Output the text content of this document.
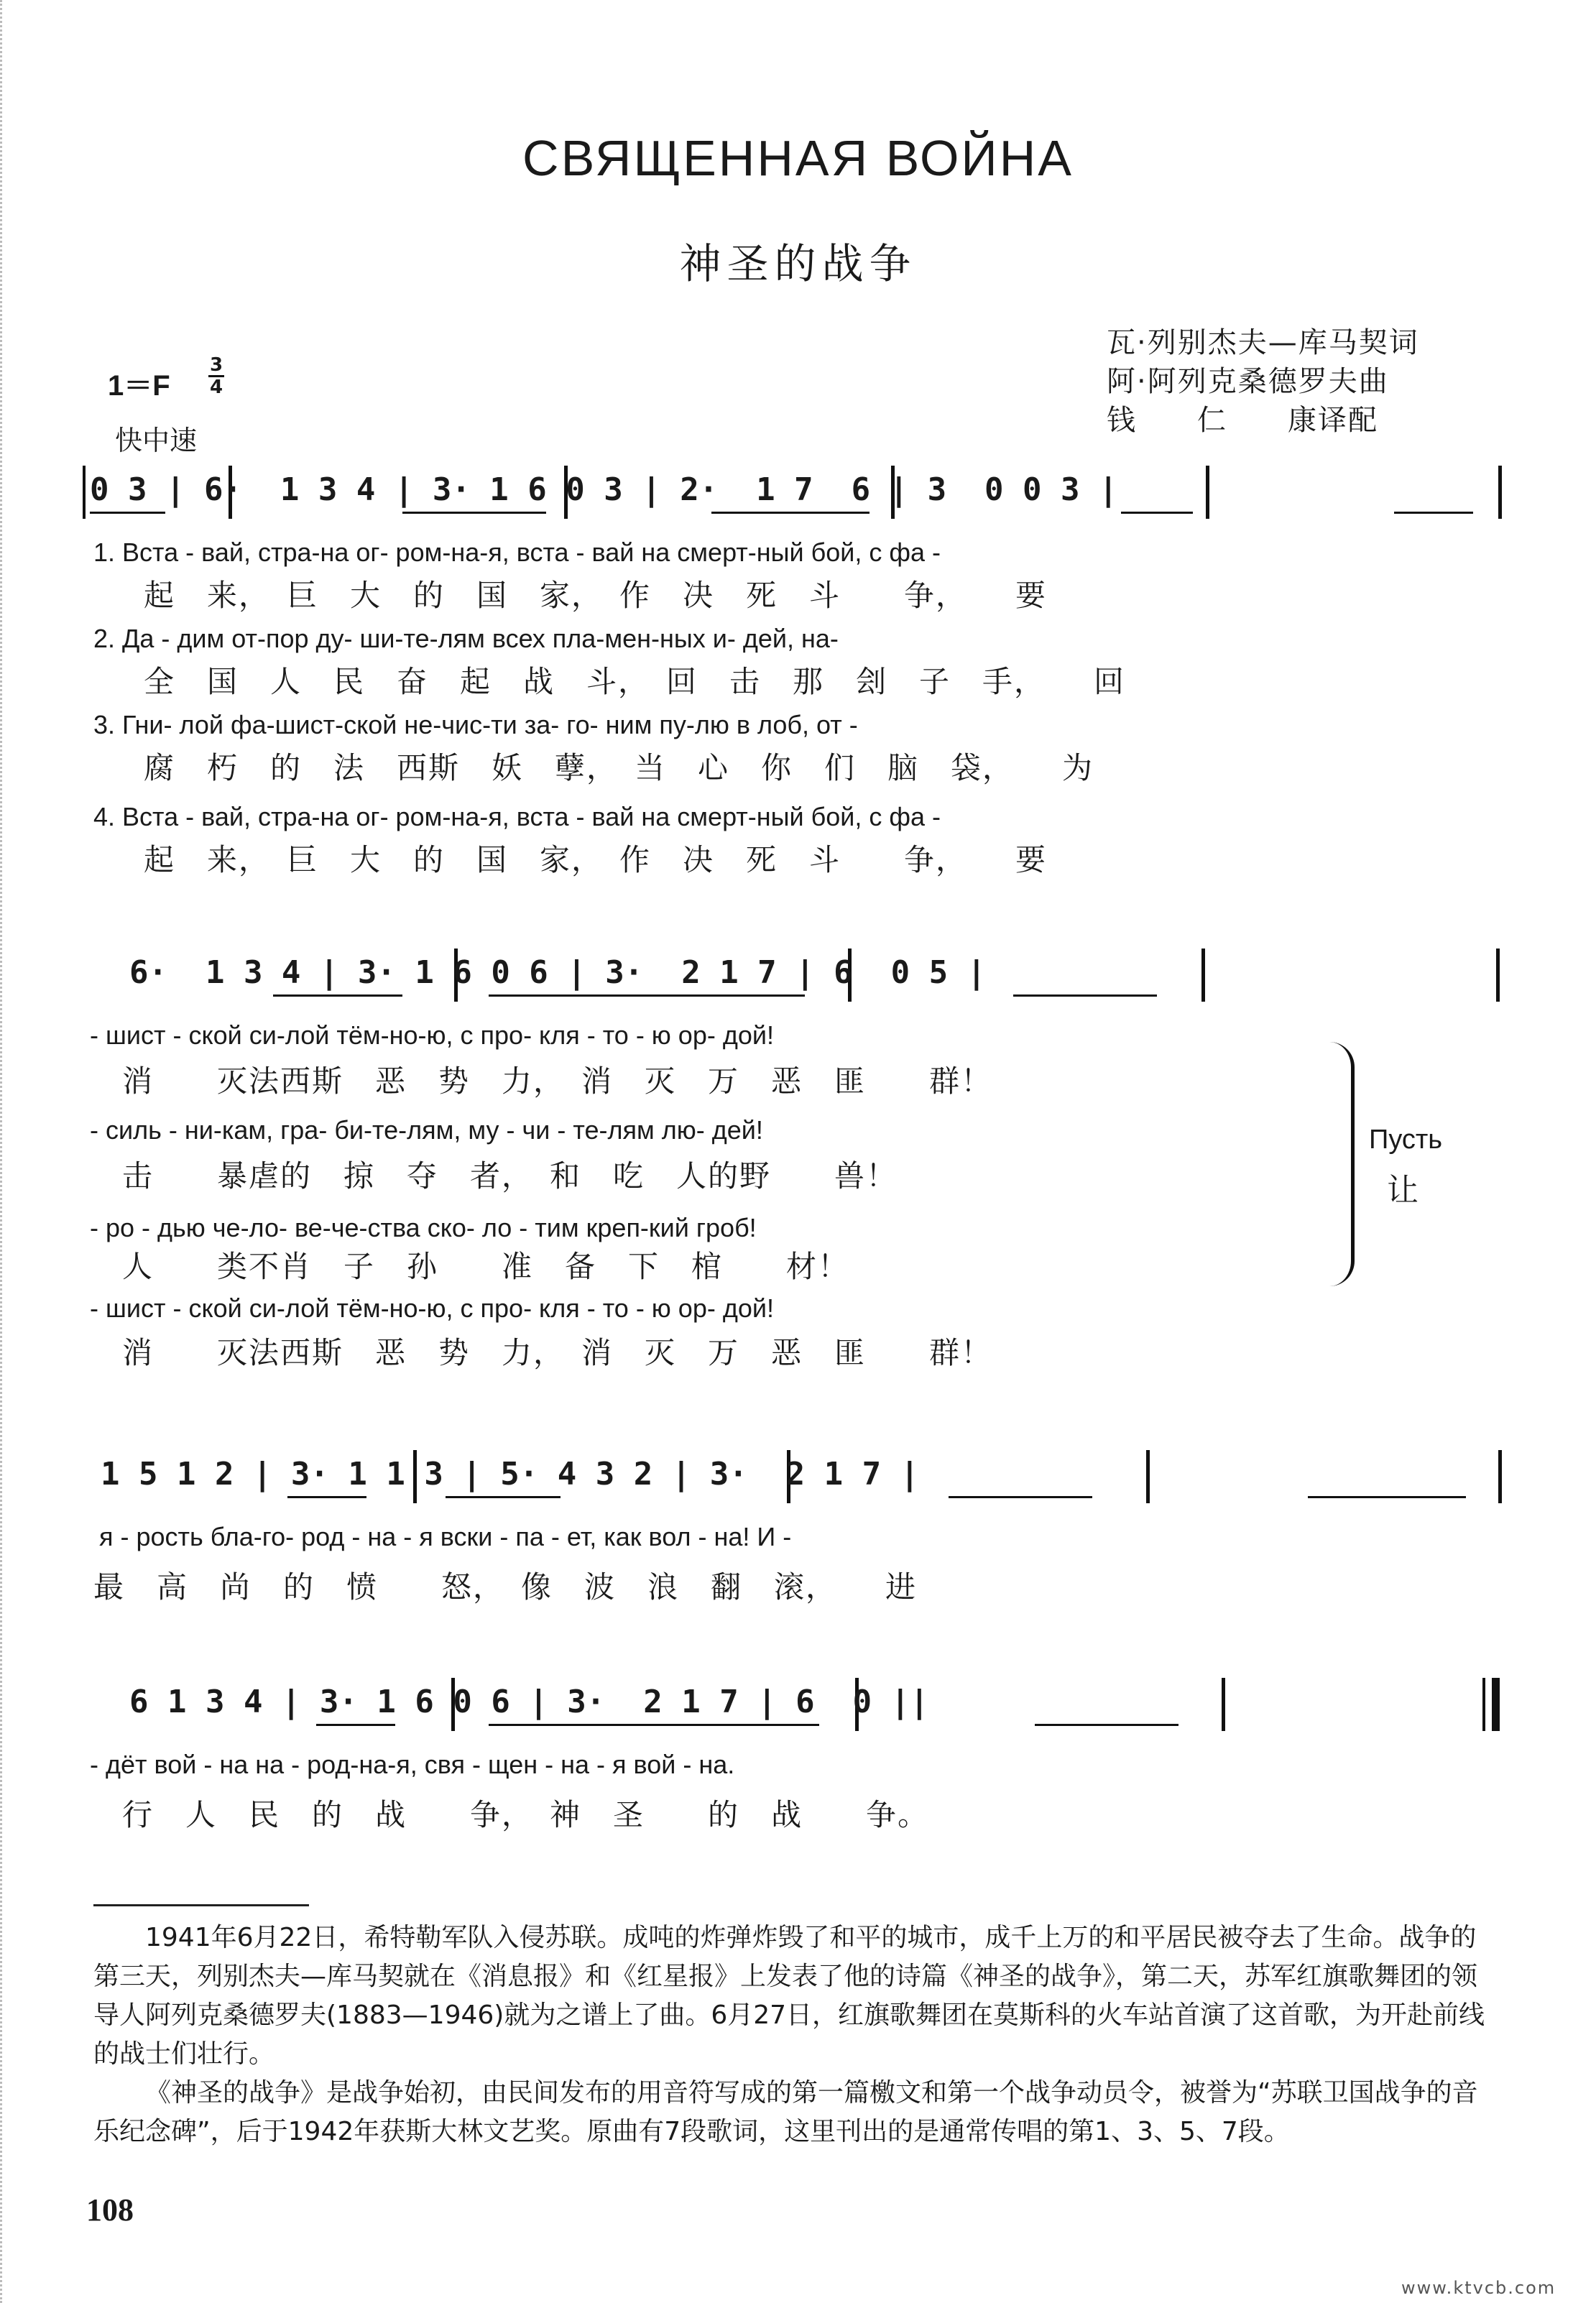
СВЯЩЕННАЯ ВОЙНА
神圣的战争
瓦·列别杰夫—库马契词
阿·阿列克桑德罗夫曲
钱　　仁　　康译配
1＝F
3
4
快中速
0 3 | 6·  1 3 4 | 3· 1 6 0 3 | 2·  1 7  6 | 3  0 0 3 |
1. Вста - вай, стра-на ог- ром-на-я, вста - вай на смерт-ный бой, с фа -
起　来，　巨　大　的　国　家，　作　决　死　斗　　争，　　要
2. Да - дим от-пор ду- ши-те-лям всех пла-мен-ных и- дей, на-
全　国　人　民　奋　起　战　斗，　回　击　那　刽　子　手，　　回
3. Гни- лой фа-шист-ской не-чис-ти за- го- ним пу-лю в лоб, от -
腐　朽　的　法　西斯　妖　孽，　当　心　你　们　脑　袋，　　为
4. Вста - вай, стра-на ог- ром-на-я, вста - вай на смерт-ный бой, с фа -
起　来，　巨　大　的　国　家，　作　决　死　斗　　争，　　要
6·  1 3 4 | 3· 1 6 0 6 | 3·  2 1 7 | 6  0 5 |
- шист - ской си-лой тём-но-ю, с про- кля - то - ю ор- дой!
消　　灭法西斯　恶　势　力，　消　灭　万　恶　匪　　群！
- силь - ни-кам, гра- би-те-лям, му - чи - те-лям лю- дей!
击　　暴虐的　掠　夺　者，　和　吃　人的野　　兽！
- ро - дью че-ло- ве-че-ства ско- ло - тим креп-кий гроб!
人　　类不肖　子　孙　　准　备　下　棺　　材！
- шист - ской си-лой тём-но-ю, с про- кля - то - ю ор- дой!
消　　灭法西斯　恶　势　力，　消　灭　万　恶　匪　　群！
Пусть
让
1 5 1 2 | 3· 1 1 3 | 5· 4 3 2 | 3·  2 1 7 |
я - рость бла-го- род - на - я вски - па - ет, как вол - на! И -
最　高　尚　的　愤　　怒，　像　波　浪　翻　滚，　　进
6 1 3 4 | 3· 1 6 0 6 | 3·  2 1 7 | 6  0 ||
- дёт вой - на на - род-на-я, свя - щен - на - я вой - на.
行　人　民　的　战　　争，　神　圣　　的　战　　争。

1941年6月22日，希特勒军队入侵苏联。成吨的炸弹炸毁了和平的城市，成千上万的和平居民被夺去了生命。战争的第三天，列别杰夫—库马契就在《消息报》和《红星报》上发表了他的诗篇《神圣的战争》，第二天，苏军红旗歌舞团的领导人阿列克桑德罗夫(1883—1946)就为之谱上了曲。6月27日，红旗歌舞团在莫斯科的火车站首演了这首歌，为开赴前线的战士们壮行。

《神圣的战争》是战争始初，由民间发布的用音符写成的第一篇檄文和第一个战争动员令，被誉为“苏联卫国战争的音乐纪念碑”，后于1942年获斯大林文艺奖。原曲有7段歌词，这里刊出的是通常传唱的第1、3、5、7段。

108
www.ktvcb.com
